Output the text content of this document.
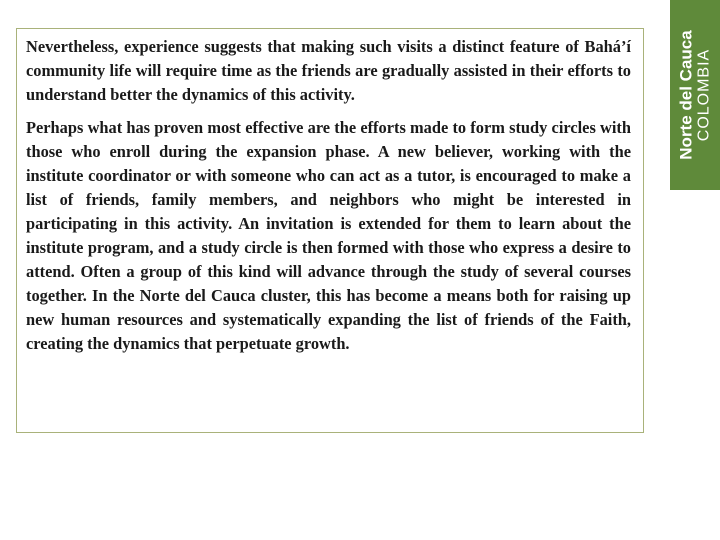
Nevertheless, experience suggests that making such visits a distinct feature of Bahá’í community life will require time as the friends are gradually assisted in their efforts to understand better the dynamics of this activity.

Perhaps what has proven most effective are the efforts made to form study circles with those who enroll during the expansion phase. A new believer, working with the institute coordinator or with someone who can act as a tutor, is encouraged to make a list of friends, family members, and neighbors who might be interested in participating in this activity. An invitation is extended for them to learn about the institute program, and a study circle is then formed with those who express a desire to attend. Often a group of this kind will advance through the study of several courses together. In the Norte del Cauca cluster, this has become a means both for raising up new human resources and systematically expanding the list of friends of the Faith, creating the dynamics that perpetuate growth.

Norte del Cauca COLOMBIA
